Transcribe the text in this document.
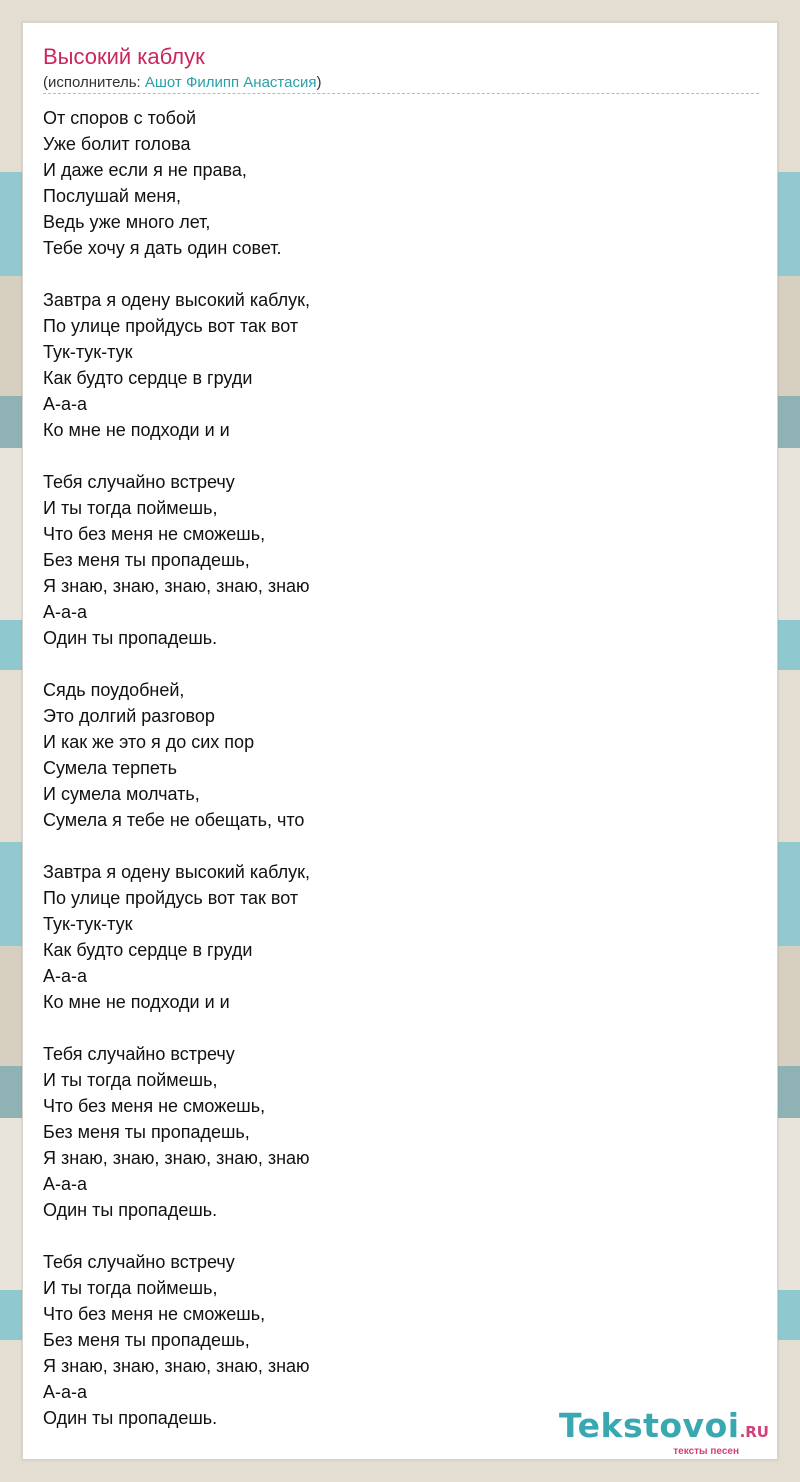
Высокий каблук
(исполнитель: Ашот Филипп Анастасия)
От споров с тобой
Уже болит голова
И даже если я не права,
Послушай меня,
Ведь уже много лет,
Тебе хочу я дать один совет.
Завтра я одену высокий каблук,
По улице пройдусь вот так вот
Тук-тук-тук
Как будто сердце в груди
А-а-а
Ко мне не подходи и и
Тебя случайно встречу
И ты тогда поймешь,
Что без меня не сможешь,
Без меня ты пропадешь,
Я знаю, знаю, знаю, знаю, знаю
А-а-а
Один ты пропадешь.
Сядь поудобней,
Это долгий разговор
И как же это я до сих пор
Сумела терпеть
И сумела молчать,
Сумела я тебе не обещать, что
Завтра я одену высокий каблук,
По улице пройдусь вот так вот
Тук-тук-тук
Как будто сердце в груди
А-а-а
Ко мне не подходи и и
Тебя случайно встречу
И ты тогда поймешь,
Что без меня не сможешь,
Без меня ты пропадешь,
Я знаю, знаю, знаю, знаю, знаю
А-а-а
Один ты пропадешь.
Тебя случайно встречу
И ты тогда поймешь,
Что без меня не сможешь,
Без меня ты пропадешь,
Я знаю, знаю, знаю, знаю, знаю
А-а-а
Один ты пропадешь.	Tekstovoi.RU
тексты песен
